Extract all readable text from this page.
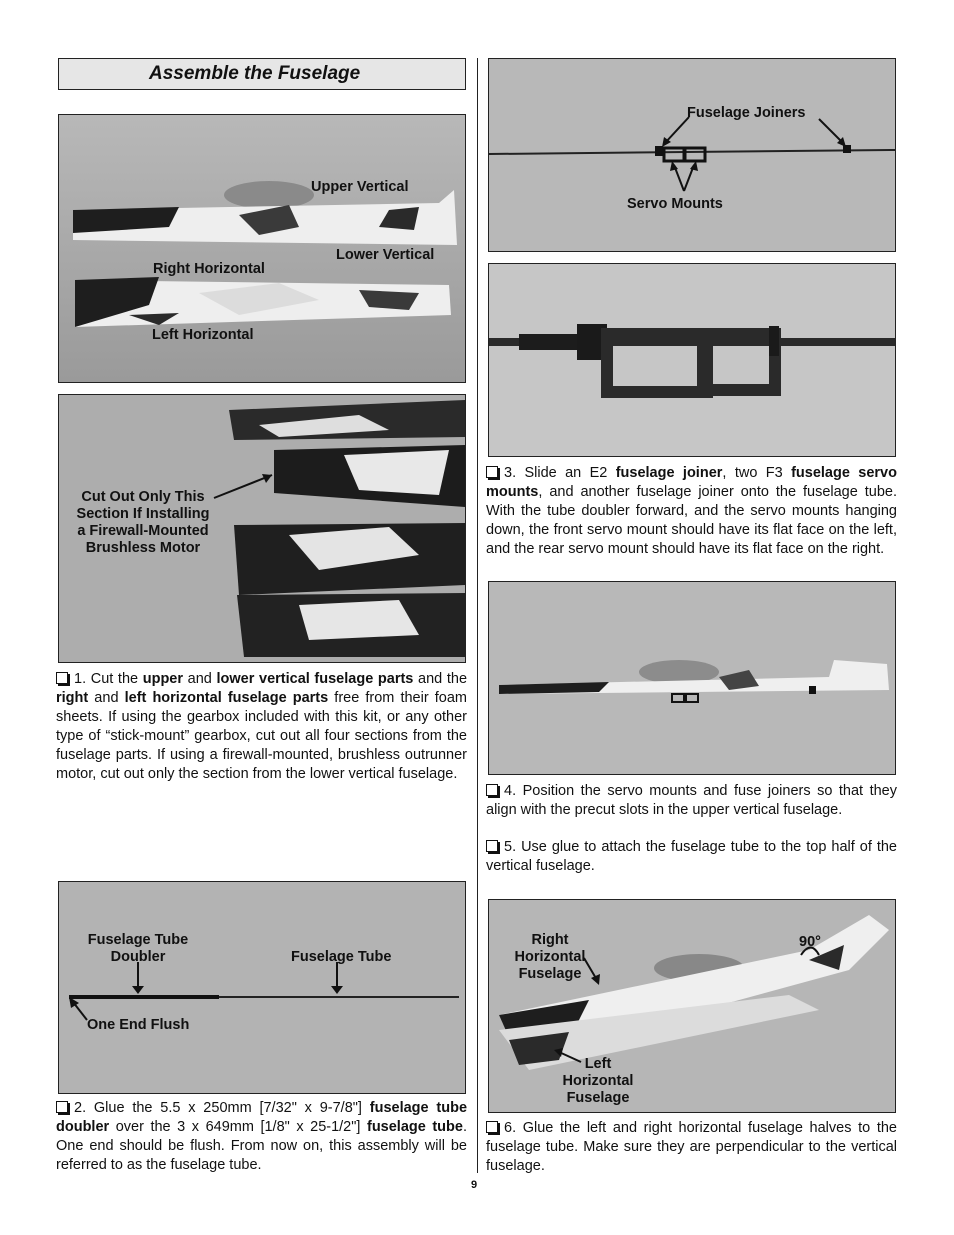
Assemble the Fuselage
Upper Vertical
Lower Vertical
Right Horizontal
Left Horizontal
Cut Out Only This
Section If Installing
a Firewall-Mounted
Brushless Motor
1. Cut the upper and lower vertical fuselage parts and the right and left horizontal fuselage parts free from their foam sheets. If using the gearbox included with this kit, or any other type of “stick-mount” gearbox, cut out all four sections from the fuselage parts. If using a firewall-mounted, brushless outrunner motor, cut out only the section from the lower vertical fuselage.
Fuselage Tube
Doubler	Fuselage Tube
One End Flush
2. Glue the 5.5 x 250mm [7/32" x 9-7/8"] fuselage tube doubler over the 3 x 649mm [1/8" x 25-1/2"] fuselage tube. One end should be flush. From now on, this assembly will be referred to as the fuselage tube.
Fuselage Joiners
Servo Mounts
3. Slide an E2 fuselage joiner, two F3 fuselage servo mounts, and another fuselage joiner onto the fuselage tube. With the tube doubler forward, and the servo mounts hanging down, the front servo mount should have its flat face on the left, and the rear servo mount should have its flat face on the right.
4. Position the servo mounts and fuse joiners so that they align with the precut slots in the upper vertical fuselage.
5. Use glue to attach the fuselage tube to the top half of the vertical fuselage.
Right
Horizontal
Fuselage
90°
Left
Horizontal
Fuselage
6. Glue the left and right horizontal fuselage halves to the fuselage tube. Make sure they are perpendicular to the vertical fuselage.
9
